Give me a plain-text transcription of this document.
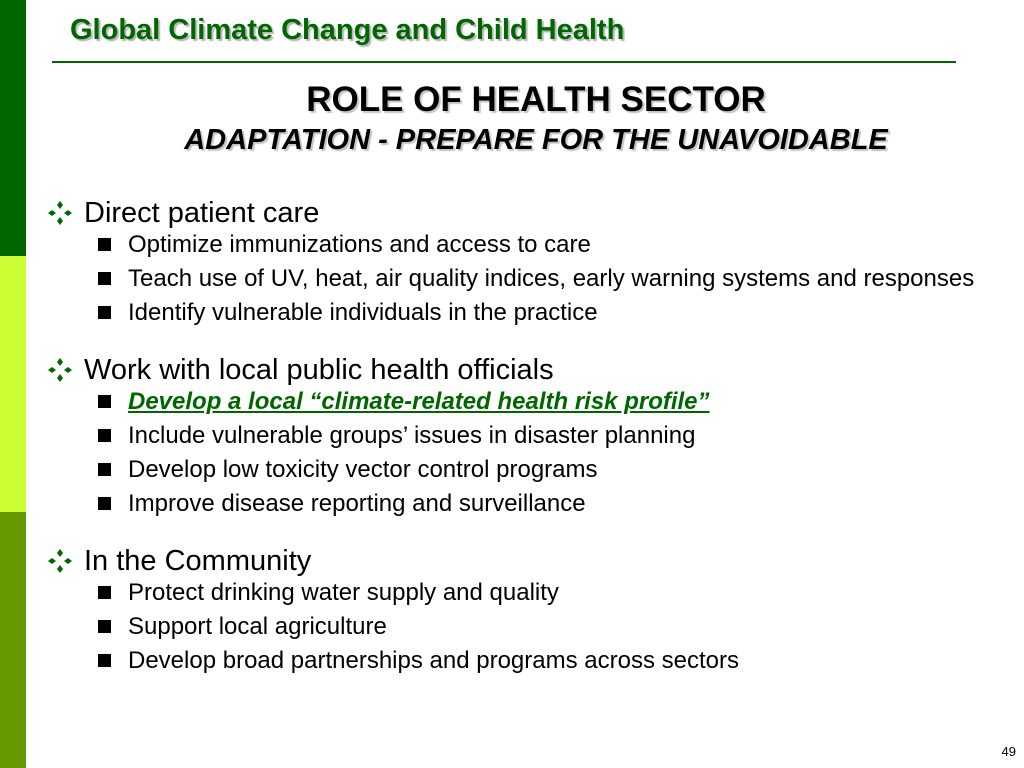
Global Climate Change and Child Health
ROLE OF HEALTH SECTOR
ADAPTATION - PREPARE FOR THE UNAVOIDABLE
Direct patient care
Optimize immunizations and access to care
Teach use of UV, heat, air quality indices, early warning systems and responses
Identify vulnerable individuals in the practice
Work with local public health officials
Develop a local “climate-related health risk profile”
Include vulnerable groups’ issues in disaster planning
Develop low toxicity vector control programs
Improve disease reporting and surveillance
In the Community
Protect drinking water supply and quality
Support local agriculture
Develop broad partnerships and programs across sectors
49
